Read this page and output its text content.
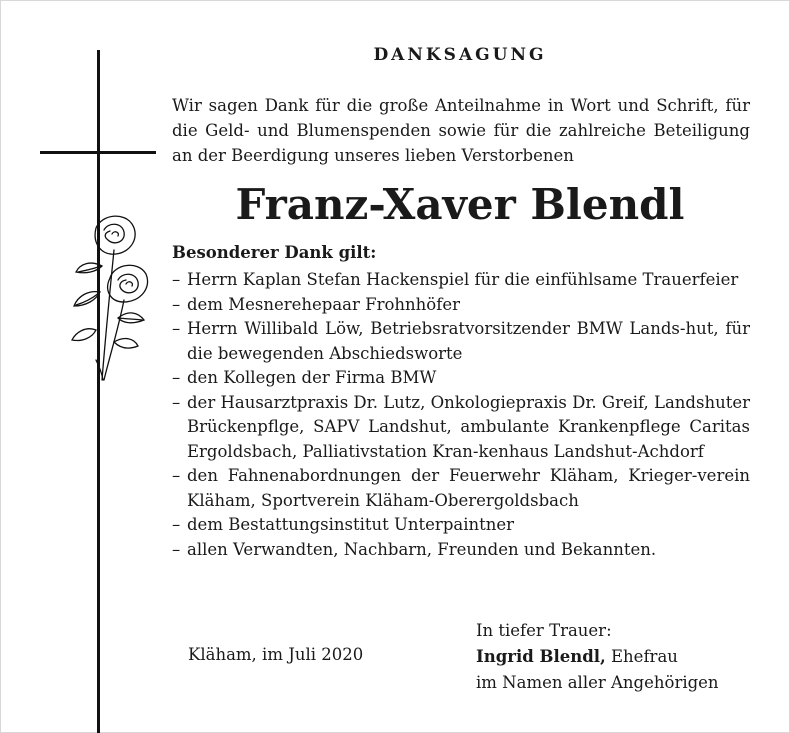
DANKSAGUNG

Wir sagen Dank für die große Anteilnahme in Wort und Schrift, für die Geld- und Blumenspenden sowie für die zahlreiche Beteiligung an der Beerdigung unseres lieben Verstorbenen

Franz-Xaver Blendl

Besonderer Dank gilt:

– Herrn Kaplan Stefan Hackenspiel für die einfühlsame Trauerfeier
– dem Mesnerehepaar Frohnhöfer
– Herrn Willibald Löw, Betriebsratvorsitzender BMW Lands-hut, für die bewegenden Abschiedsworte
– den Kollegen der Firma BMW
– der Hausarztpraxis Dr. Lutz, Onkologiepraxis Dr. Greif, Landshuter Brückenpflge, SAPV Landshut, ambulante Krankenpflege Caritas Ergoldsbach, Palliativstation Kran-kenhaus Landshut-Achdorf
– den Fahnenabordnungen der Feuerwehr Kläham, Krieger-verein Kläham, Sportverein Kläham-Oberergoldsbach
– dem Bestattungsinstitut Unterpaintner
– allen Verwandten, Nachbarn, Freunden und Bekannten.

Kläham, im Juli 2020

In tiefer Trauer:
Ingrid Blendl, Ehefrau
im Namen aller Angehörigen
